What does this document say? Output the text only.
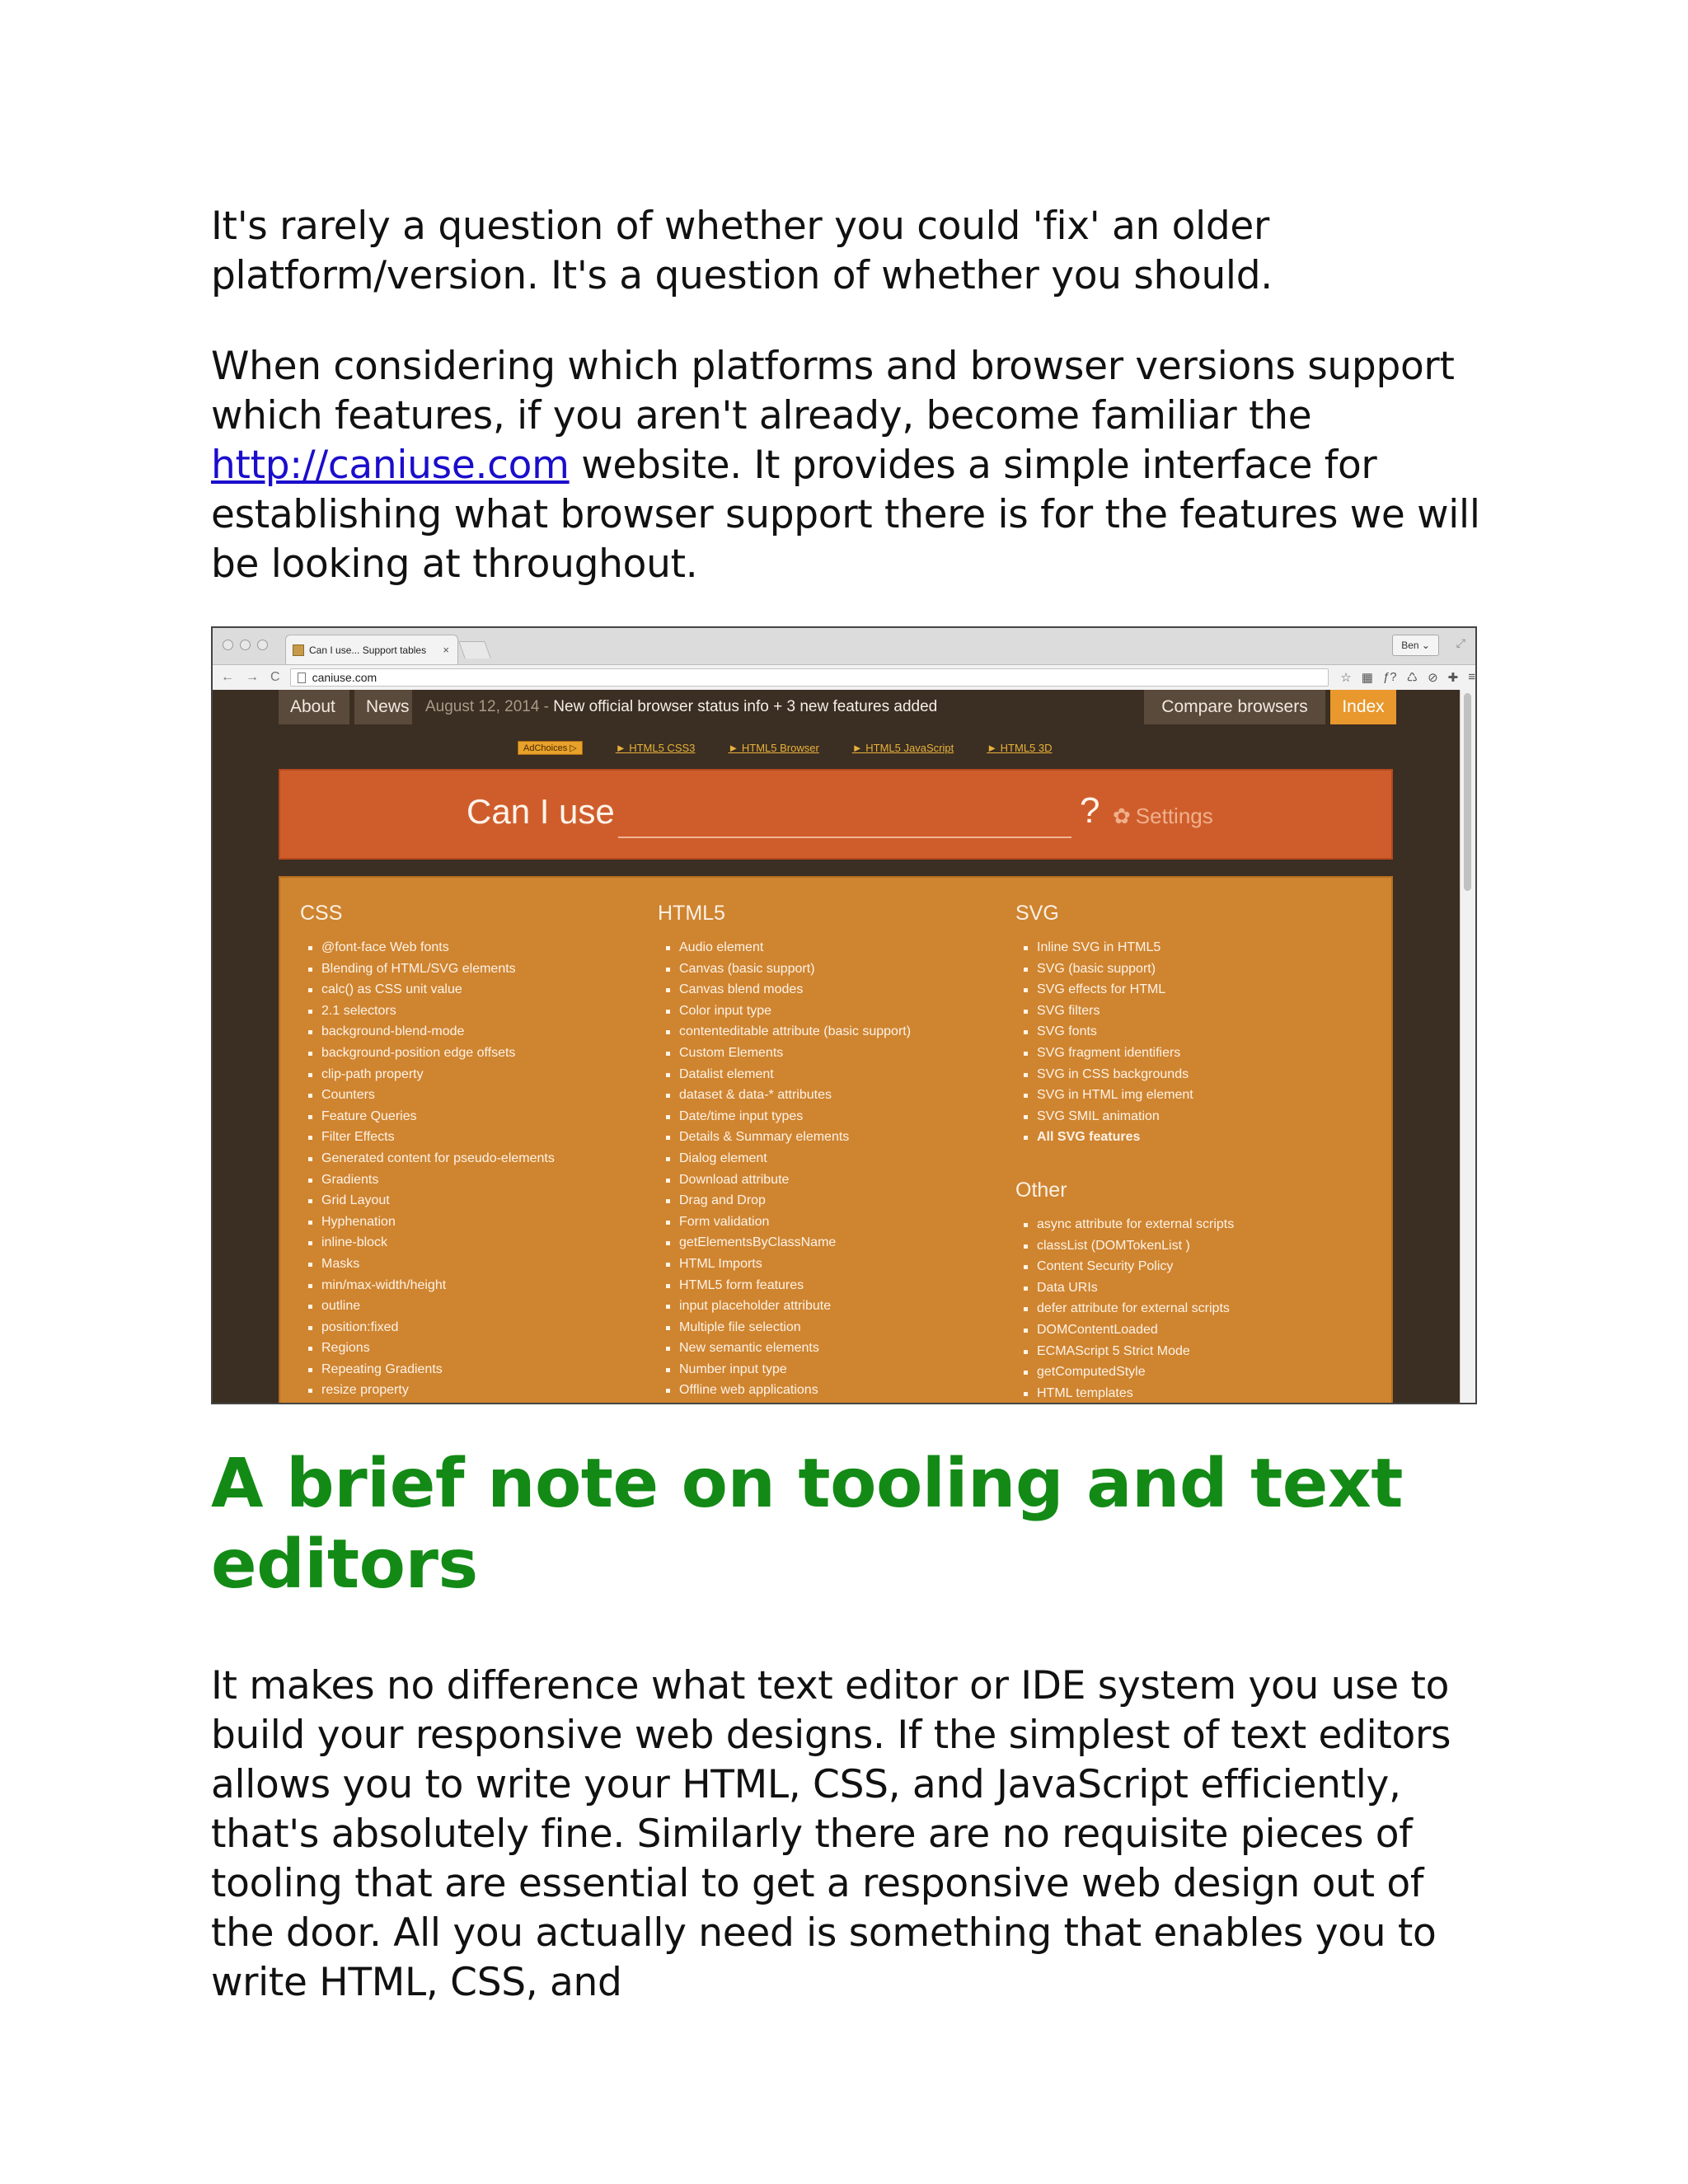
It's rarely a question of whether you could 'fix' an older platform/version. It's a question of whether you should.

When considering which platforms and browser versions support which features, if you aren't already, become familiar the http://caniuse.com website. It provides a simple interface for establishing what browser support there is for the features we will be looking at throughout.

A brief note on tooling and text editors

It makes no difference what text editor or IDE system you use to build your responsive web designs. If the simplest of text editors allows you to write your HTML, CSS, and JavaScript efficiently, that's absolutely fine. Similarly there are no requisite pieces of tooling that are essential to get a responsive web design out of the door. All you actually need is something that enables you to write HTML, CSS, and

Can I use... Support tables ×	Ben ⌄	⤢
← → C	caniuse.com	☆ ▦ ƒ? ♺ ⊘ ✚ ≡
About	News August 12, 2014 - New official browser status info + 3 new features added	Compare browsers	Index
AdChoices ▷	► HTML5 CSS3	► HTML5 Browser	► HTML5 JavaScript	► HTML5 3D
Can I use	? ✿ Settings
CSS
@font-face Web fonts
Blending of HTML/SVG elements
calc() as CSS unit value
2.1 selectors
background-blend-mode
background-position edge offsets
clip-path property
Counters
Feature Queries
Filter Effects
Generated content for pseudo-elements
Gradients
Grid Layout
Hyphenation
inline-block
Masks
min/max-width/height
outline
position:fixed
Regions
Repeating Gradients
resize property
HTML5
Audio element
Canvas (basic support)
Canvas blend modes
Color input type
contenteditable attribute (basic support)
Custom Elements
Datalist element
dataset & data-* attributes
Date/time input types
Details & Summary elements
Dialog element
Download attribute
Drag and Drop
Form validation
getElementsByClassName
HTML Imports
HTML5 form features
input placeholder attribute
Multiple file selection
New semantic elements
Number input type
Offline web applications
SVG
Inline SVG in HTML5
SVG (basic support)
SVG effects for HTML
SVG filters
SVG fonts
SVG fragment identifiers
SVG in CSS backgrounds
SVG in HTML img element
SVG SMIL animation
All SVG features
Other
async attribute for external scripts
classList (DOMTokenList )
Content Security Policy
Data URIs
defer attribute for external scripts
DOMContentLoaded
ECMAScript 5 Strict Mode
getComputedStyle
HTML templates
